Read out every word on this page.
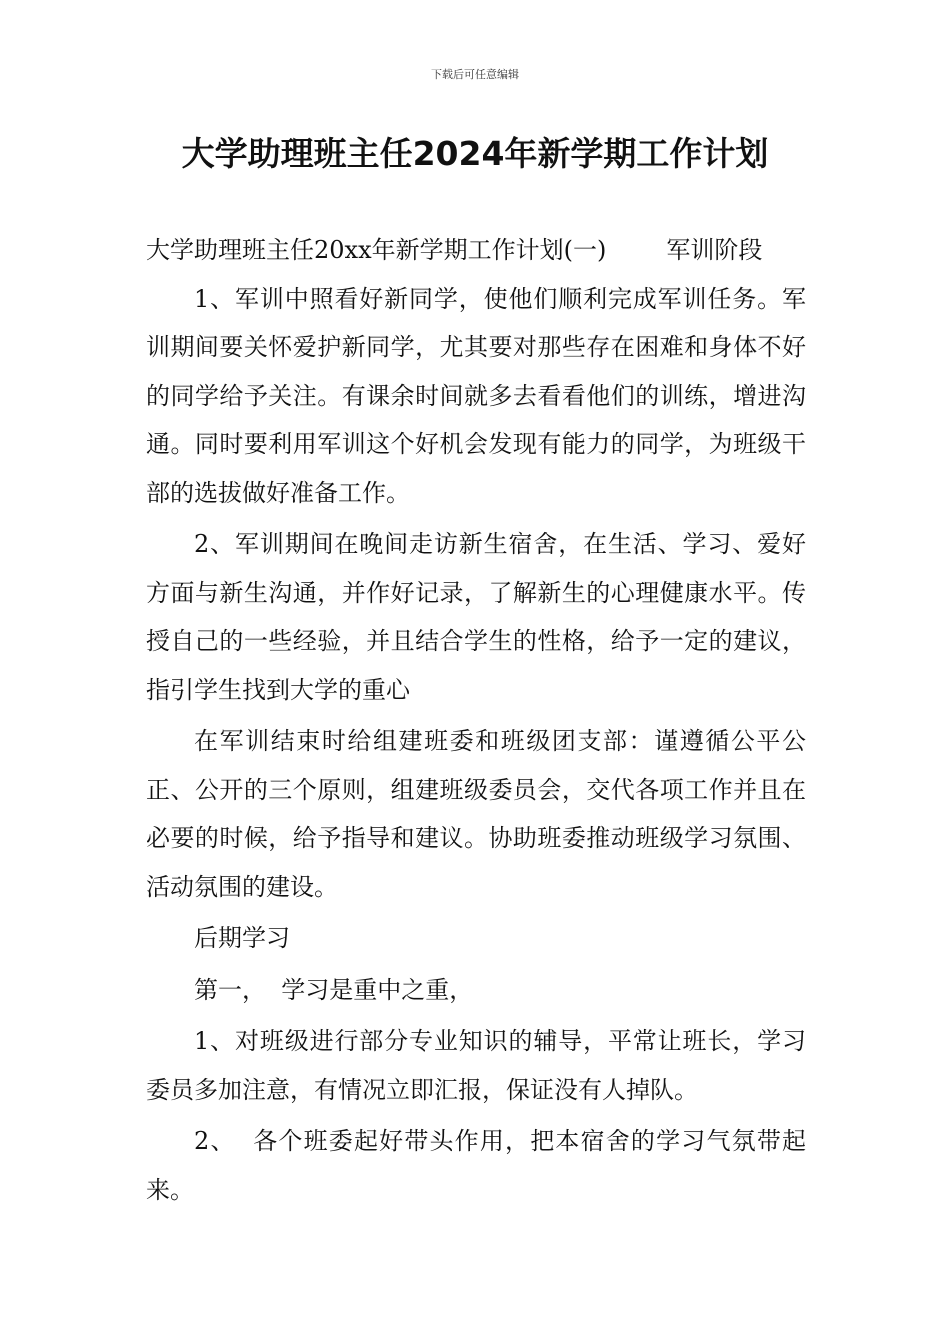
下载后可任意编辑
大学助理班主任2024年新学期工作计划

大学助理班主任20xx年新学期工作计划(一)	军训阶段

1、军训中照看好新同学，使他们顺利完成军训任务。军训期间要关怀爱护新同学，尤其要对那些存在困难和身体不好的同学给予关注。有课余时间就多去看看他们的训练，增进沟通。同时要利用军训这个好机会发现有能力的同学，为班级干部的选拔做好准备工作。

2、军训期间在晚间走访新生宿舍，在生活、学习、爱好方面与新生沟通，并作好记录，了解新生的心理健康水平。传授自己的一些经验，并且结合学生的性格，给予一定的建议，指引学生找到大学的重心

在军训结束时给组建班委和班级团支部：谨遵循公平公正、公开的三个原则，组建班级委员会，交代各项工作并且在必要的时候，给予指导和建议。协助班委推动班级学习氛围、活动氛围的建设。

后期学习

第一，  学习是重中之重，

1、对班级进行部分专业知识的辅导，平常让班长，学习委员多加注意，有情况立即汇报，保证没有人掉队。

2、  各个班委起好带头作用，把本宿舍的学习气氛带起来。
